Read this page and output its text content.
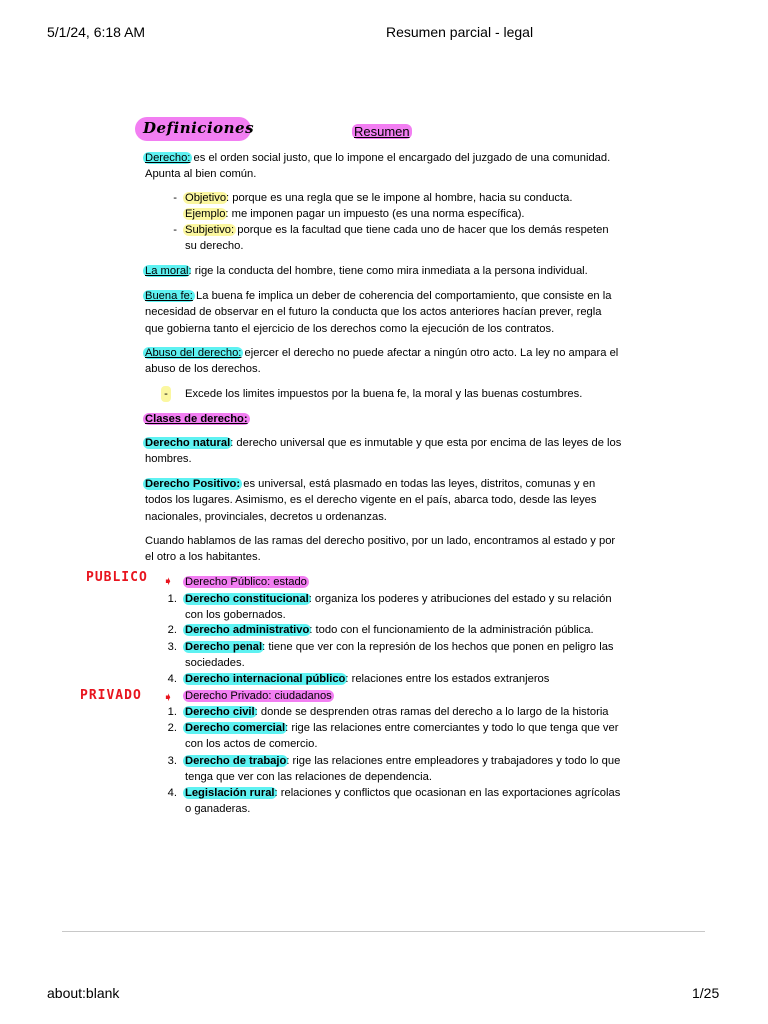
5/1/24, 6:18 AM	Resumen parcial - legal
Definiciones	Resumen

Derecho: es el orden social justo, que lo impone el encargado del juzgado de una comunidad. Apunta al bien común.

- Objetivo: porque es una regla que se le impone al hombre, hacia su conducta.
Ejemplo: me imponen pagar un impuesto (es una norma específica).
- Subjetivo: porque es la facultad que tiene cada uno de hacer que los demás respeten su derecho.

La moral: rige la conducta del hombre, tiene como mira inmediata a la persona individual.

Buena fe: La buena fe implica un deber de coherencia del comportamiento, que consiste en la necesidad de observar en el futuro la conducta que los actos anteriores hacían prever, regla que gobierna tanto el ejercicio de los derechos como la ejecución de los contratos.

Abuso del derecho: ejercer el derecho no puede afectar a ningún otro acto. La ley no ampara el abuso de los derechos.

- Excede los limites impuestos por la buena fe, la moral y las buenas costumbres.

Clases de derecho:

Derecho natural: derecho universal que es inmutable y que esta por encima de las leyes de los hombres.

Derecho Positivo: es universal, está plasmado en todas las leyes, distritos, comunas y en todos los lugares. Asimismo, es el derecho vigente en el país, abarca todo, desde las leyes nacionales, provinciales, decretos u ordenanzas.

Cuando hablamos de las ramas del derecho positivo, por un lado, encontramos al estado y por el otro a los habitantes.

Derecho Público: estado
1. Derecho constitucional: organiza los poderes y atribuciones del estado y su relación con los gobernados.
2. Derecho administrativo: todo con el funcionamiento de la administración pública.
3. Derecho penal: tiene que ver con la represión de los hechos que ponen en peligro las sociedades.
4. Derecho internacional público: relaciones entre los estados extranjeros
Derecho Privado: ciudadanos
1. Derecho civil: donde se desprenden otras ramas del derecho a lo largo de la historia
2. Derecho comercial: rige las relaciones entre comerciantes y todo lo que tenga que ver con los actos de comercio.
3. Derecho de trabajo: rige las relaciones entre empleadores y trabajadores y todo lo que tenga que ver con las relaciones de dependencia.
4. Legislación rural: relaciones y conflictos que ocasionan en las exportaciones agrícolas o ganaderas.
PUBLICO ➧
PRIVADO ➧
about:blank	1/25
